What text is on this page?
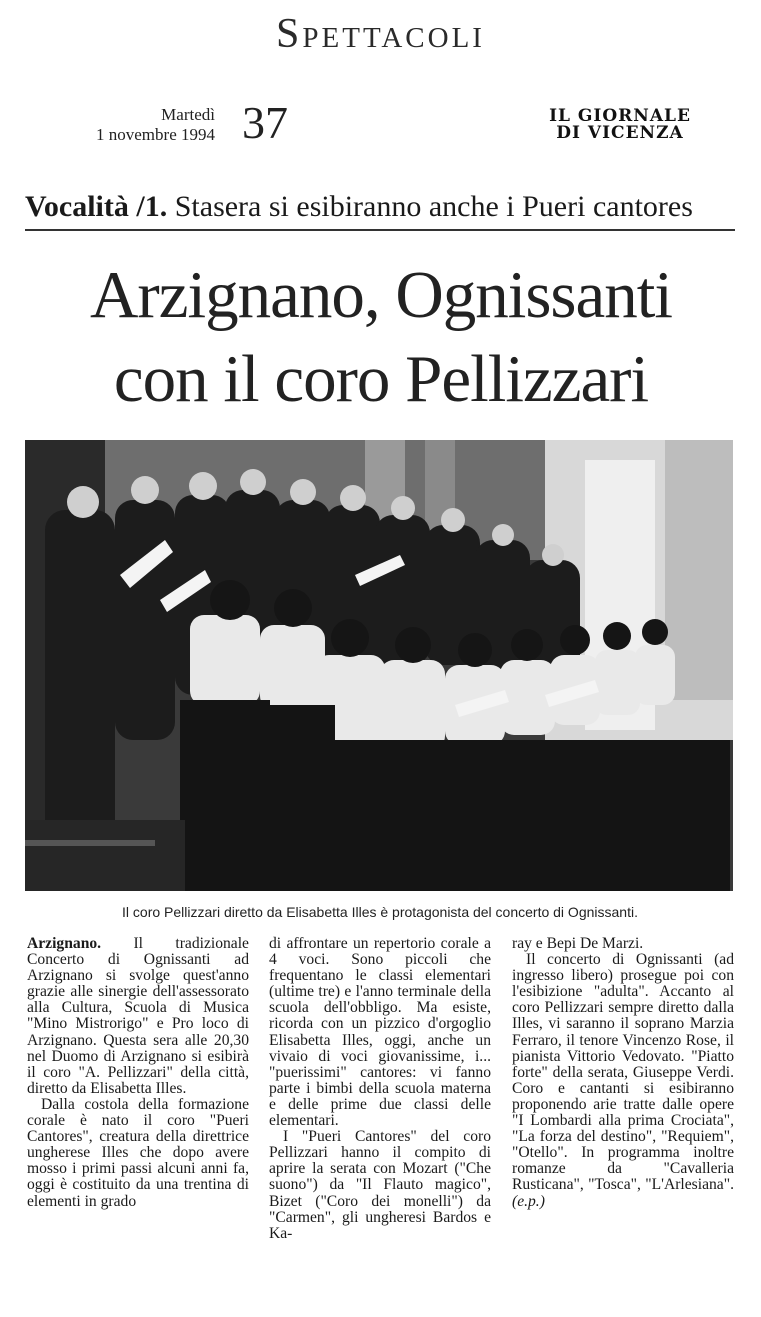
Spettacoli
Martedì
1 novembre 1994 37	IL GIORNALE
DI VICENZA
Vocalità /1. Stasera si esibiranno anche i Pueri cantores
Arzignano, Ognissanti
con il coro Pellizzari
Il coro Pellizzari diretto da Elisabetta Illes è protagonista del concerto di Ognissanti.

Arzignano. Il tradizionale Concerto di Ognissanti ad Arzignano si svolge quest'anno grazie alle sinergie dell'assessorato alla Cultura, Scuola di Musica "Mino Mistrorigo" e Pro loco di Arzignano. Questa sera alle 20,30 nel Duomo di Arzignano si esibirà il coro "A. Pellizzari" della città, diretto da Elisabetta Illes.

Dalla costola della formazione corale è nato il coro "Pueri Cantores", creatura della direttrice ungherese Illes che dopo avere mosso i primi passi alcuni anni fa, oggi è costituito da una trentina di elementi in grado

di affrontare un repertorio corale a 4 voci. Sono piccoli che frequentano le classi elementari (ultime tre) e l'anno terminale della scuola dell'obbligo. Ma esiste, ricorda con un pizzico d'orgoglio Elisabetta Illes, oggi, anche un vivaio di voci giovanissime, i... "puerissimi" cantores: vi fanno parte i bimbi della scuola materna e delle prime due classi delle elementari.

I "Pueri Cantores" del coro Pellizzari hanno il compito di aprire la serata con Mozart ("Che suono") da "Il Flauto magico", Bizet ("Coro dei monelli") da "Carmen", gli ungheresi Bardos e Ka-

ray e Bepi De Marzi.

Il concerto di Ognissanti (ad ingresso libero) prosegue poi con l'esibizione "adulta". Accanto al coro Pellizzari sempre diretto dalla Illes, vi saranno il soprano Marzia Ferraro, il tenore Vincenzo Rose, il pianista Vittorio Vedovato. "Piatto forte" della serata, Giuseppe Verdi. Coro e cantanti si esibiranno proponendo arie tratte dalle opere "I Lombardi alla prima Crociata", "La forza del destino", "Requiem", "Otello". In programma inoltre romanze da "Cavalleria Rusticana", "Tosca", "L'Arlesiana". (e.p.)
